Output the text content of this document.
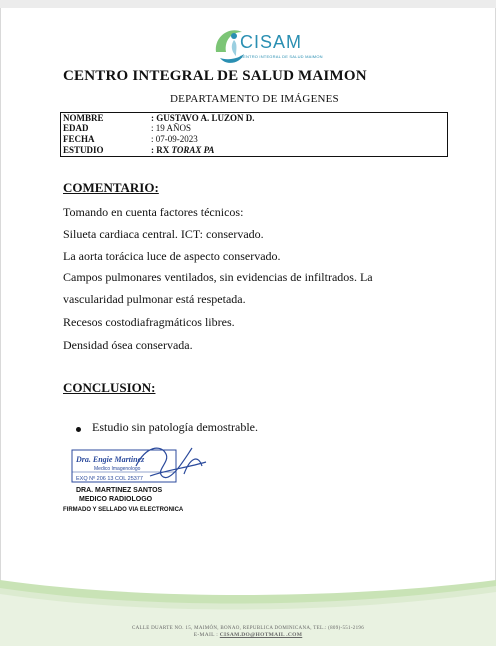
CISAM
CENTRO INTEGRAL DE SALUD MAIMON
CENTRO INTEGRAL DE SALUD MAIMON
DEPARTAMENTO DE IMÁGENES
NOMBRE	: GUSTAVO A. LUZON D.
EDAD	: 19 AÑOS
FECHA	: 07-09-2023
ESTUDIO	: RX TORAX PA
COMENTARIO:
Tomando en cuenta factores técnicos:
Silueta cardiaca central. ICT: conservado.
La aorta torácica luce de aspecto conservado.
Campos pulmonares ventilados, sin evidencias de infiltrados. La
vascularidad pulmonar está respetada.
Recesos costodiafragmáticos libres.
Densidad ósea conservada.
CONCLUSION:
Estudio sin patología demostrable.
Dra. Engie Martinez
Medico Imagenologo
EXQ Nº 206 13 COL 25377
DRA. MARTINEZ SANTOS
MEDICO RADIOLOGO
FIRMADO Y SELLADO VIA ELECTRONICA
CALLE DUARTE NO. 15, MAIMÓN, BONAO, REPUBLICA DOMINICANA, TEL.: (809)-551-2196
E-MAIL : CISAM.DO@HOTMAIL .COM
